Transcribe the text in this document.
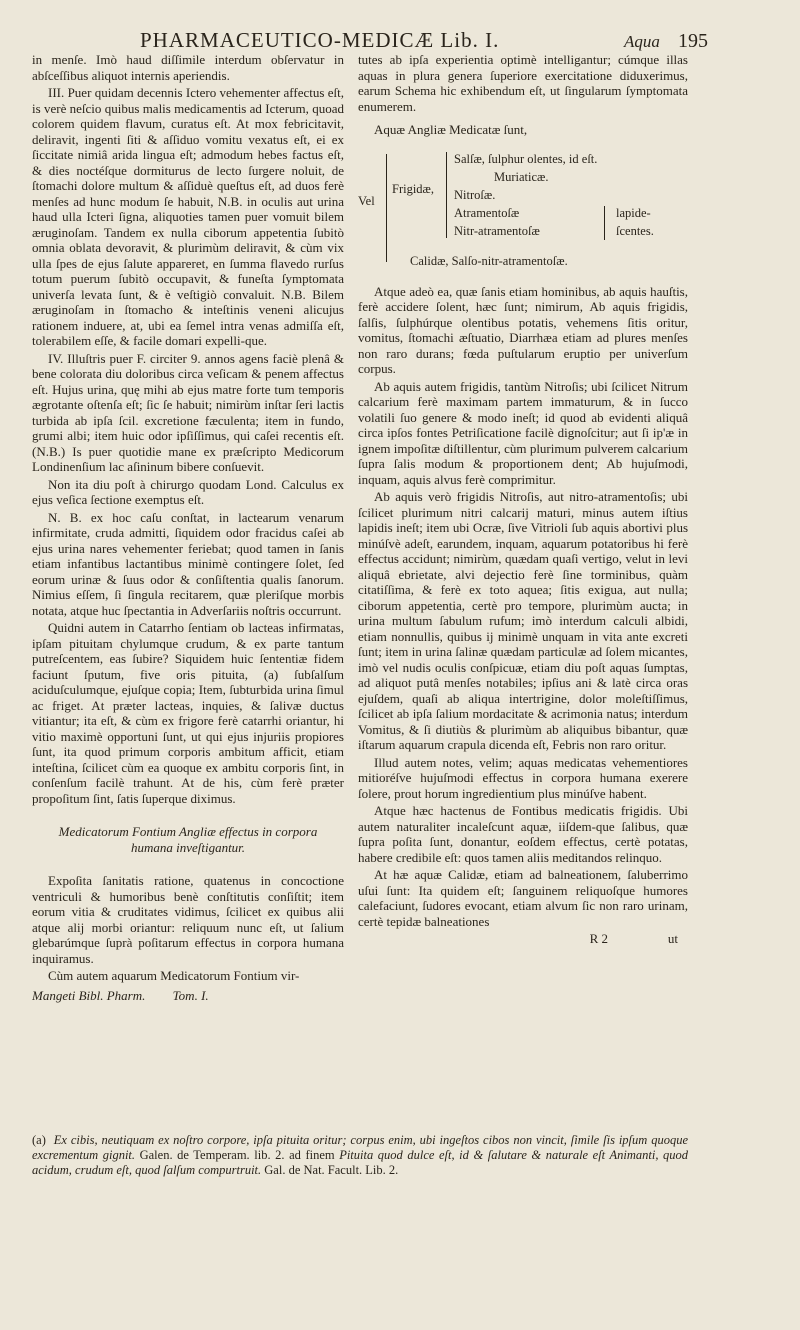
PHARMACEUTICO-MEDICÆ Lib. I.	Aqua 195

in menſe. Imò haud diſſimile interdum obſervatur in abſceſſibus aliquot internis aperiendis.

III. Puer quidam decennis Ictero vehementer affectus eſt, is verè neſcio quibus malis medicamentis ad Icterum, quoad colorem quidem flavum, curatus eſt. At mox febricitavit, deliravit, ingenti ſiti & aſſiduo vomitu vexatus eſt, ei ex ſiccitate nimiâ arida lingua eſt; admodum hebes factus eſt, & dies noctéſque dormiturus de lecto ſurgere noluit, de ſtomachi dolore multum & aſſiduè queſtus eſt, ad duos ferè menſes ad hunc modum ſe habuit, N.B. in oculis aut urina haud ulla Icteri ſigna, aliquoties tamen puer vomuit bilem æruginoſam. Tandem ex nulla ciborum appetentia ſubitò omnia oblata devoravit, & plurimùm deliravit, & cùm vix ulla ſpes de ejus ſalute appareret, en ſumma flavedo rurſus totum puerum ſubitò occupavit, & funeſta ſymptomata univerſa levata ſunt, & è veſtigiò convaluit. N.B. Bilem æruginoſam in ſtomacho & inteſtinis veneni alicujus rationem induere, at, ubi ea ſemel intra venas admiſſa eſt, tolerabilem eſſe, & facile domari expelli-que.

IV. Illuſtris puer F. circiter 9. annos agens faciè plenâ & bene colorata diu doloribus circa veſicam & penem affectus eſt. Hujus urina, quę mihi ab ejus matre forte tum temporis ægrotante oſtenſa eſt; ſic ſe habuit; nimirùm inſtar ſeri lactis turbida ab ipſa ſcil. excretione fæculenta; item in fundo, grumi albi; item huic odor ipſiſſimus, qui caſei recentis eſt. (N.B.) Is puer quotidie mane ex præſcripto Medicorum Londinenſium lac aſininum bibere conſuevit.

Non ita diu poſt à chirurgo quodam Lond. Calculus ex ejus veſica ſectione exemptus eſt.

N. B. ex hoc caſu conſtat, in lactearum venarum infirmitate, cruda admitti, ſiquidem odor fracidus caſei ab ejus urina nares vehementer feriebat; quod tamen in ſanis etiam infantibus lactantibus minimè contingere ſolet, ſed eorum urinæ & ſuus odor & conſiſtentia qualis ſanorum. Nimius eſſem, ſi ſingula recitarem, quæ pleriſque morbis notata, atque huc ſpectantia in Adverſariis noſtris occurrunt.

Quidni autem in Catarrho ſentiam ob lacteas infirmatas, ipſam pituitam chylumque crudum, & ex parte tantum putreſcentem, eas ſubire? Siquidem huic ſententiæ fidem faciunt ſputum, five oris pituita, (a) ſubſalſum aciduſculumque, ejuſque copia; Item, ſubturbida urina ſimul ac friget. At præter lacteas, inquies, & ſalivæ ductus vitiantur; ita eſt, & cùm ex frigore ferè catarrhi oriantur, hi vitio maximè opportuni ſunt, ut qui ejus injuriis propiores ſunt, ita quod primum corporis ambitum afficit, etiam inteſtina, ſcilicet cùm ea quoque ex ambitu corporis ſint, in conſenſum facilè trahunt. At de his, cùm ferè præter propoſitum ſint, ſatis ſuperque diximus.

Medicatorum Fontium Angliæ effectus in corpora humana inveſtigantur.

Expoſita ſanitatis ratione, quatenus in concoctione ventriculi & humoribus benè conſtitutis conſiſtit; item eorum vitia & cruditates vidimus, ſcilicet ex quibus alii atque alij morbi oriantur: reliquum nunc eſt, ut ſalium glebarúmque ſuprà poſitarum effectus in corpora humana inquiramus.

Cùm autem aquarum Medicatorum Fontium vir-

Mangeti Bibl. Pharm. Tom. I.

tutes ab ipſa experientia optimè intelligantur; cúmque illas aquas in plura genera ſuperiore exercitatione diduxerimus, earum Schema hic exhibendum eſt, ut ſingularum ſymptomata enumerem.

Aquæ Angliæ Medicatæ ſunt,

Vel
Frigidæ,
Salſæ, ſulphur olentes, id eſt.
Muriaticæ.
Nitroſæ.
Atramentoſæ
Nitr-atramentoſæ
lapide-
ſcentes.
Calidæ, Salſo-nitr-atramentoſæ.

Atque adeò ea, quæ ſanis etiam hominibus, ab aquis hauſtis, ferè accidere ſolent, hæc ſunt; nimirum, Ab aquis frigidis, ſalſis, ſulphúrque olentibus potatis, vehemens ſitis oritur, vomitus, ſtomachi æſtuatio, Diarrhæa etiam ad plures menſes non raro durans; fœda puſtularum eruptio per univerſum corpus.

Ab aquis autem frigidis, tantùm Nitroſis; ubi ſcilicet Nitrum calcarium ferè maximam partem immaturum, & in ſucco volatili ſuo genere & modo ineſt; id quod ab evidenti aliquâ circa ipſos fontes Petriſicatione facilè dignoſcitur; aut ſi ip'æ in ignem impoſitæ diſtillentur, cùm plurimum pulverem calcarium ſupra ſalis modum & proportionem dent; Ab hujuſmodi, inquam, aquis alvus ferè comprimitur.

Ab aquis verò frigidis Nitroſis, aut nitro-atramentoſis; ubi ſcilicet plurimum nitri calcarij maturi, minus autem iſtius lapidis ineſt; item ubi Ocræ, ſive Vitrioli ſub aquis abortivi plus minúſvè adeſt, earundem, inquam, aquarum potatoribus hi ferè effectus accidunt; nimirùm, quædam quaſi vertigo, velut in levi aliquâ ebrietate, alvi dejectio ferè ſine torminibus, quàm citatiſſima, & ferè ex toto aquea; ſitis exigua, aut nulla; ciborum appetentia, certè pro tempore, plurimùm aucta; in urina multum ſabulum rufum; imò interdum calculi albidi, etiam nonnullis, quibus ij minimè unquam in vita ante excreti ſunt; item in urina ſalinæ quædam particulæ ad ſolem micantes, imò vel nudis oculis conſpicuæ, etiam diu poſt aquas ſumptas, ad aliquot putâ menſes notabiles; ipſius ani & latè circa oras ejuſdem, quaſi ab aliqua intertrigine, dolor moleſtiſſimus, ſcilicet ab ipſa ſalium mordacitate & acrimonia natus; interdum Vomitus, & ſi diutiùs & plurimùm ab aliquibus bibantur, quæ iſtarum aquarum crapula dicenda eſt, Febris non raro oritur.

Illud autem notes, velim; aquas medicatas vehementiores mitioréſve hujuſmodi effectus in corpora humana exerere ſolere, prout horum ingredientium plus minúſve habent.

Atque hæc hactenus de Fontibus medicatis frigidis. Ubi autem naturaliter incaleſcunt aquæ, iiſdem-que ſalibus, quæ ſupra poſita ſunt, donantur, eoſdem effectus, certè potatas, habere credibile eſt: quos tamen aliis meditandos relinquo.

At hæ aquæ Calidæ, etiam ad balneationem, ſaluberrimo uſui ſunt: Ita quidem eſt; ſanguinem reliquoſque humores calefaciunt, ſudores evocant, etiam alvum ſic non raro urinam, certè tepidæ balneationes

R 2	ut

(a) Ex cibis, neutiquam ex noſtro corpore, ipſa pituita oritur; corpus enim, ubi ingeſtos cibos non vincit, ſimile ſis ipſum quoque excrementum gignit. Galen. de Temperam. lib. 2. ad finem Pituita quod dulce eſt, id & ſalutare & naturale eſt Animanti, quod acidum, crudum eſt, quod ſalſum compurtruit. Gal. de Nat. Facult. Lib. 2.
